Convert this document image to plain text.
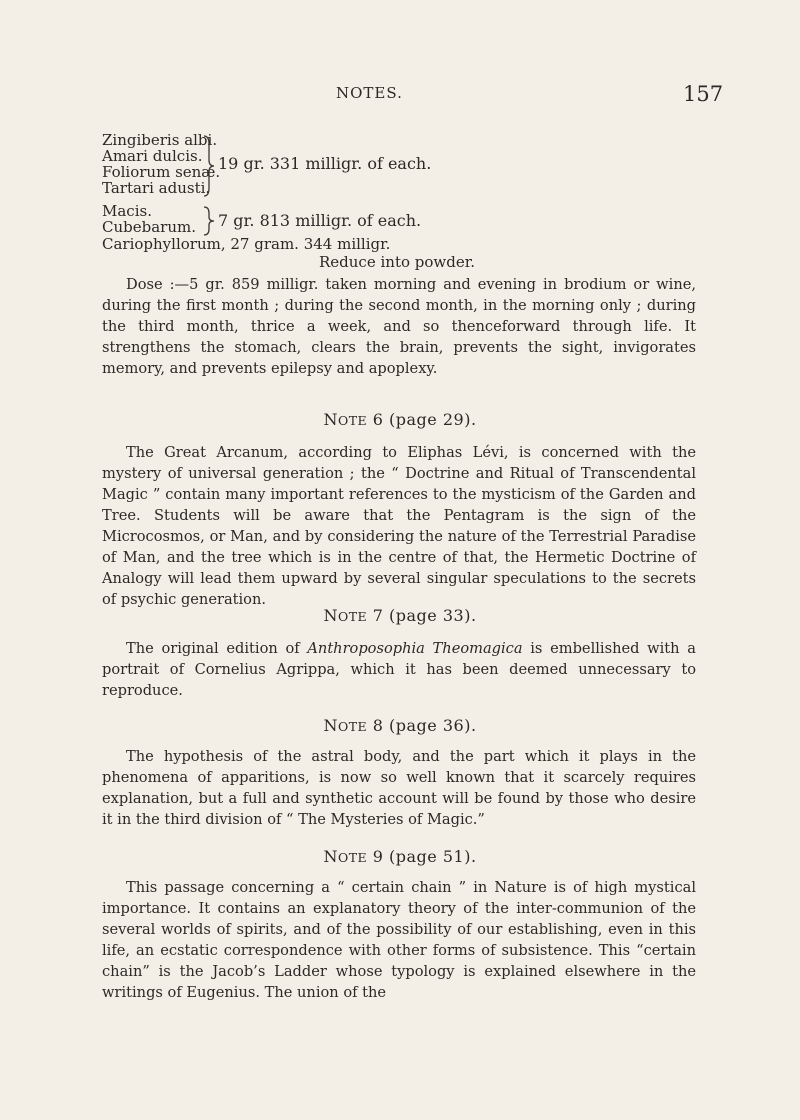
NOTES.	157
Zingiberis albi.
Amari dulcis.
Foliorum senæ.
Tartari adusti.
19 gr. 331 milligr. of each.
Macis.
Cubebarum. 7 gr. 813 milligr. of each.
Cariophyllorum, 27 gram. 344 milligr.
Reduce into powder.

Dose :—5 gr. 859 milligr. taken morning and evening in brodium or wine, during the first month ; during the second month, in the morning only ; during the third month, thrice a week, and so thenceforward through life. It strengthens the stomach, clears the brain, prevents the sight, invigorates memory, and prevents epilepsy and apoplexy.

NOTE 6 (page 29).

The Great Arcanum, according to Eliphas Lévi, is concerned with the mystery of universal generation ; the “ Doctrine and Ritual of Transcendental Magic ” contain many important references to the mysticism of the Garden and Tree. Students will be aware that the Pentagram is the sign of the Microcosmos, or Man, and by considering the nature of the Terrestrial Paradise of Man, and the tree which is in the centre of that, the Hermetic Doctrine of Analogy will lead them upward by several singular speculations to the secrets of psychic generation.

NOTE 7 (page 33).

The original edition of Anthroposophia Theomagica is embellished with a portrait of Cornelius Agrippa, which it has been deemed unnecessary to reproduce.

NOTE 8 (page 36).

The hypothesis of the astral body, and the part which it plays in the phenomena of apparitions, is now so well known that it scarcely requires explanation, but a full and synthetic account will be found by those who desire it in the third division of “ The Mysteries of Magic.”

NOTE 9 (page 51).

This passage concerning a “ certain chain ” in Nature is of high mystical importance. It contains an explanatory theory of the inter-communion of the several worlds of spirits, and of the possibility of our establishing, even in this life, an ecstatic correspondence with other forms of subsistence. This “certain chain” is the Jacob’s Ladder whose typology is explained elsewhere in the writings of Eugenius. The union of the
